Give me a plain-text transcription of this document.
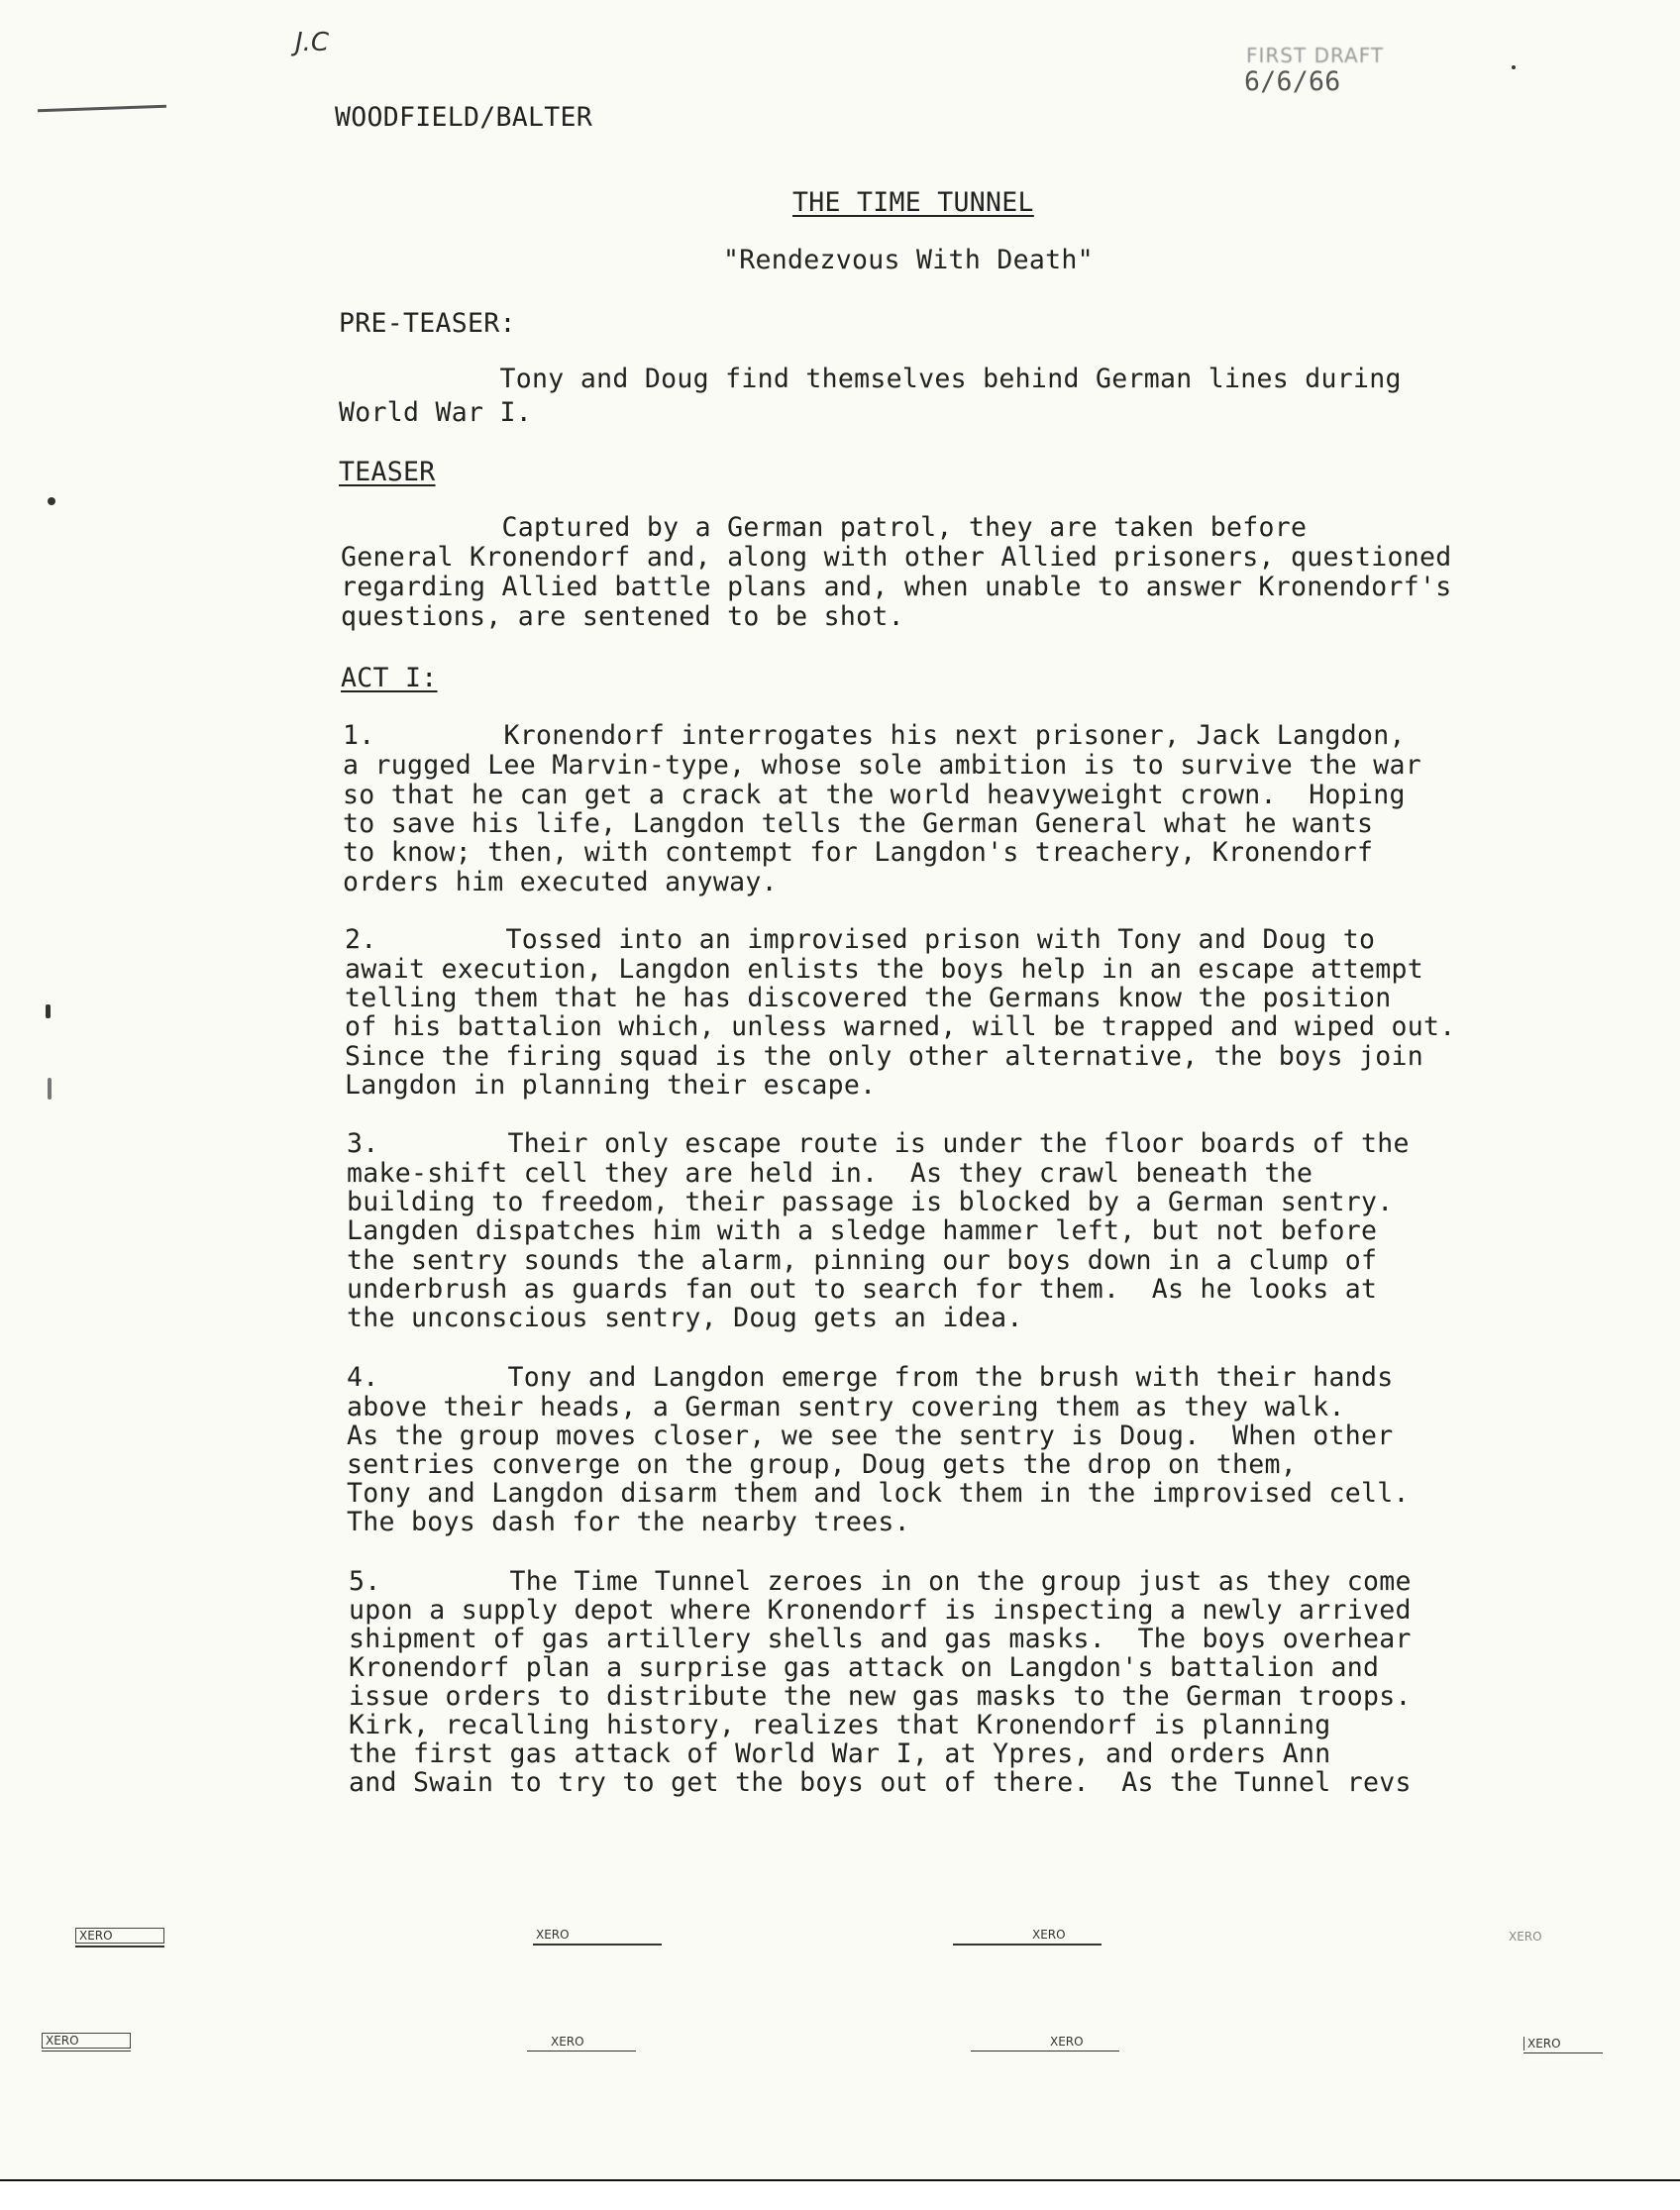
J.C	FIRST DRAFT
6/6/66
WOODFIELD/BALTER
THE TIME TUNNEL
"Rendezvous With Death"
PRE-TEASER:
Tony and Doug find themselves behind German lines during
World War I.
TEASER
Captured by a German patrol, they are taken before
General Kronendorf and, along with other Allied prisoners, questioned
regarding Allied battle plans and, when unable to answer Kronendorf's
questions, are sentened to be shot.
ACT I:
1.        Kronendorf interrogates his next prisoner, Jack Langdon,
a rugged Lee Marvin-type, whose sole ambition is to survive the war
so that he can get a crack at the world heavyweight crown.  Hoping
to save his life, Langdon tells the German General what he wants
to know; then, with contempt for Langdon's treachery, Kronendorf
orders him executed anyway.
2.        Tossed into an improvised prison with Tony and Doug to
await execution, Langdon enlists the boys help in an escape attempt
telling them that he has discovered the Germans know the position
of his battalion which, unless warned, will be trapped and wiped out.
Since the firing squad is the only other alternative, the boys join
Langdon in planning their escape.
3.        Their only escape route is under the floor boards of the
make-shift cell they are held in.  As they crawl beneath the
building to freedom, their passage is blocked by a German sentry.
Langden dispatches him with a sledge hammer left, but not before
the sentry sounds the alarm, pinning our boys down in a clump of
underbrush as guards fan out to search for them.  As he looks at
the unconscious sentry, Doug gets an idea.
4.        Tony and Langdon emerge from the brush with their hands
above their heads, a German sentry covering them as they walk.
As the group moves closer, we see the sentry is Doug.  When other
sentries converge on the group, Doug gets the drop on them,
Tony and Langdon disarm them and lock them in the improvised cell.
The boys dash for the nearby trees.
5.        The Time Tunnel zeroes in on the group just as they come
upon a supply depot where Kronendorf is inspecting a newly arrived
shipment of gas artillery shells and gas masks.  The boys overhear
Kronendorf plan a surprise gas attack on Langdon's battalion and
issue orders to distribute the new gas masks to the German troops.
Kirk, recalling history, realizes that Kronendorf is planning
the first gas attack of World War I, at Ypres, and orders Ann
and Swain to try to get the boys out of there.  As the Tunnel revs
XERO	XERO	XERO	XERO
XERO	XERO	XERO	XERO
